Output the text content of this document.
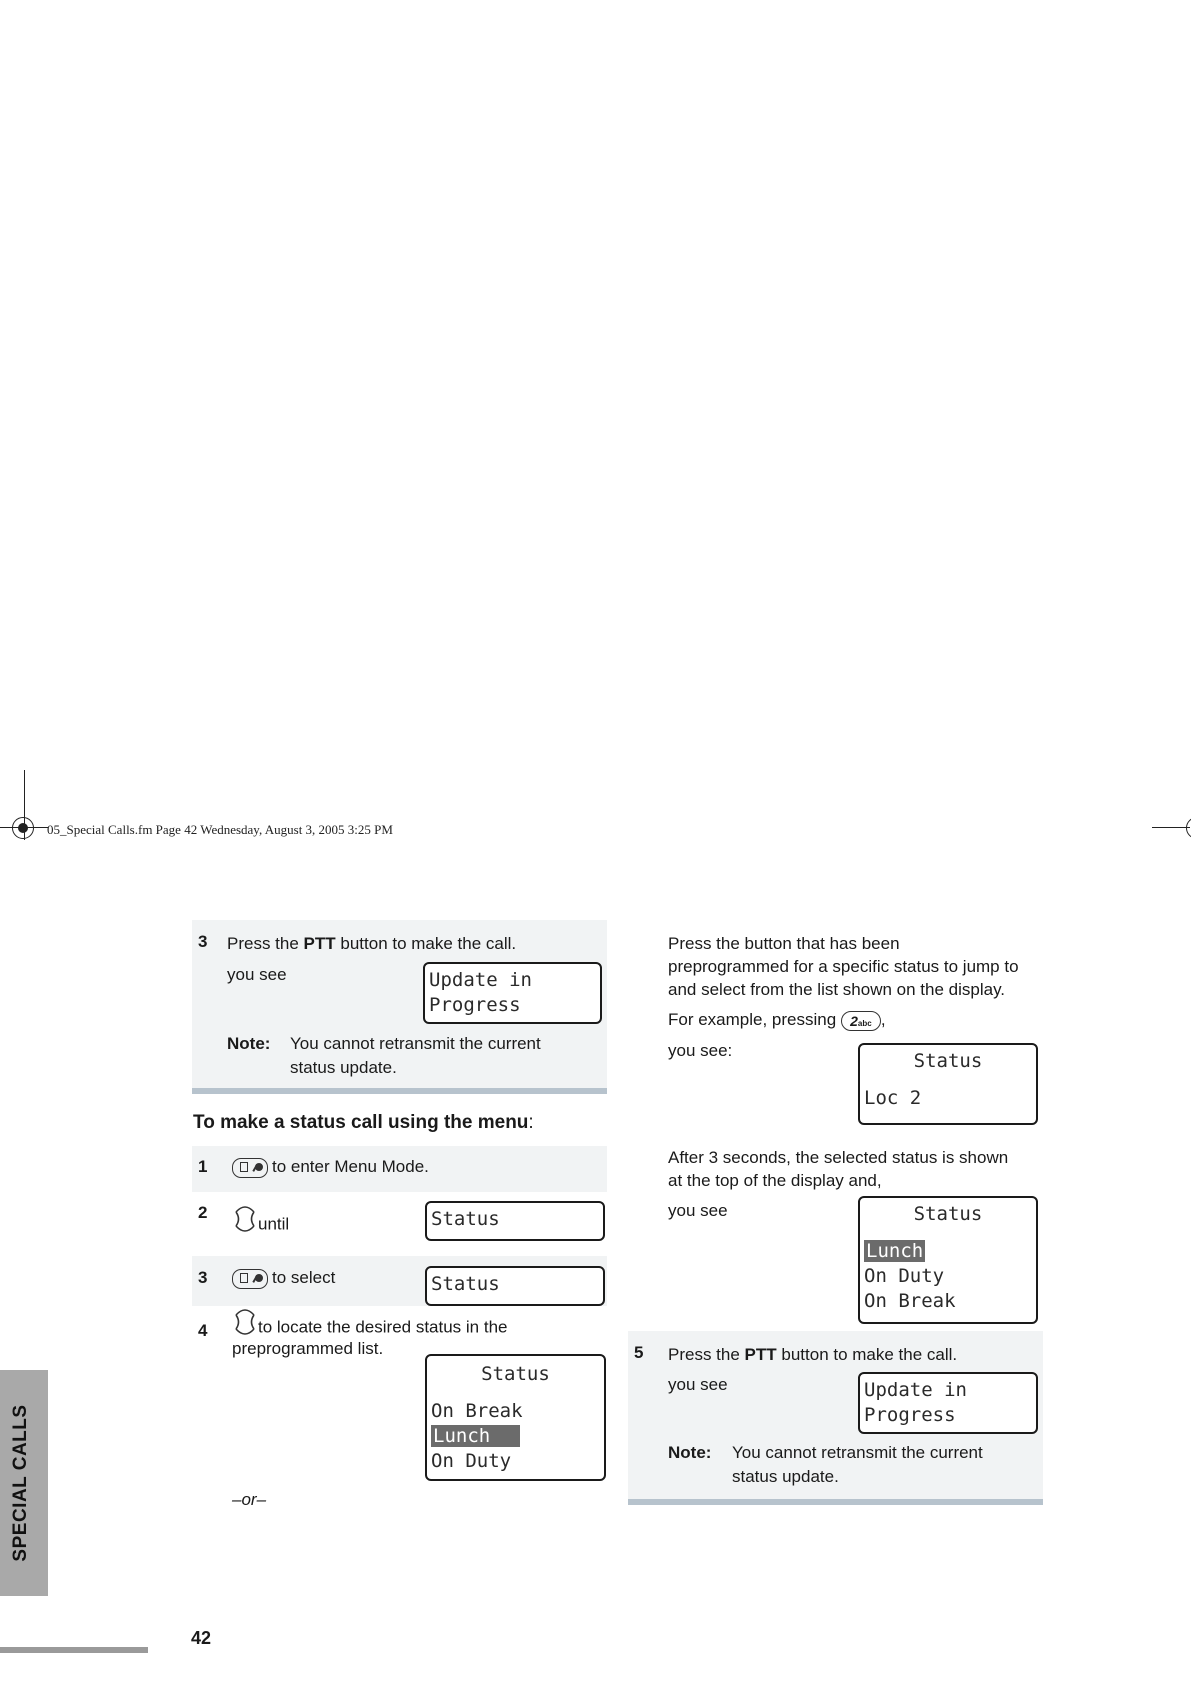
05_Special Calls.fm Page 42 Wednesday, August 3, 2005 3:25 PM
3 Press the PTT button to make the call.
you see	Update in
Progress
Note: You cannot retransmit the current
status update.
To make a status call using the menu:
1	to enter Menu Mode.
2
until	Status
3	to select	Status
4	to locate the desired status in the
preprogrammed list.
Status
On Break
Lunch
On Duty
–or–
Press the button that has been
preprogrammed for a specific status to jump to
and select from the list shown on the display.
For example, pressing 2abc ,
you see:	Status
Loc 2
After 3 seconds, the selected status is shown
at the top of the display and,
you see	Status
Lunch
On Duty
On Break
5 Press the PTT button to make the call.
you see	Update in
Progress
Note: You cannot retransmit the current
status update.
SPECIAL CALLS
42
